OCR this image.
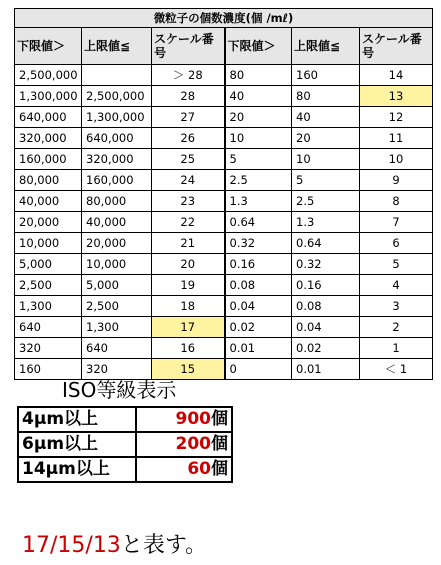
微粒子の個数濃度(個 /mℓ)					
下限値＞	上限値≦	スケール番号	下限値＞	上限値≦	スケール番号
2,500,000		＞ 28	80	160	14
1,300,000	2,500,000	28	40	80	13
640,000	1,300,000	27	20	40	12
320,000	640,000	26	10	20	11
160,000	320,000	25	5	10	10
80,000	160,000	24	2.5	5	9
40,000	80,000	23	1.3	2.5	8
20,000	40,000	22	0.64	1.3	7
10,000	20,000	21	0.32	0.64	6
5,000	10,000	20	0.16	0.32	5
2,500	5,000	19	0.08	0.16	4
1,300	2,500	18	0.04	0.08	3
640	1,300	17	0.02	0.04	2
320	640	16	0.01	0.02	1
160	320	15	0	0.01	＜ 1
ISO等級表示
4μm以上	900個
6μm以上	200個
14μm以上	60個
17/15/13と表す。
